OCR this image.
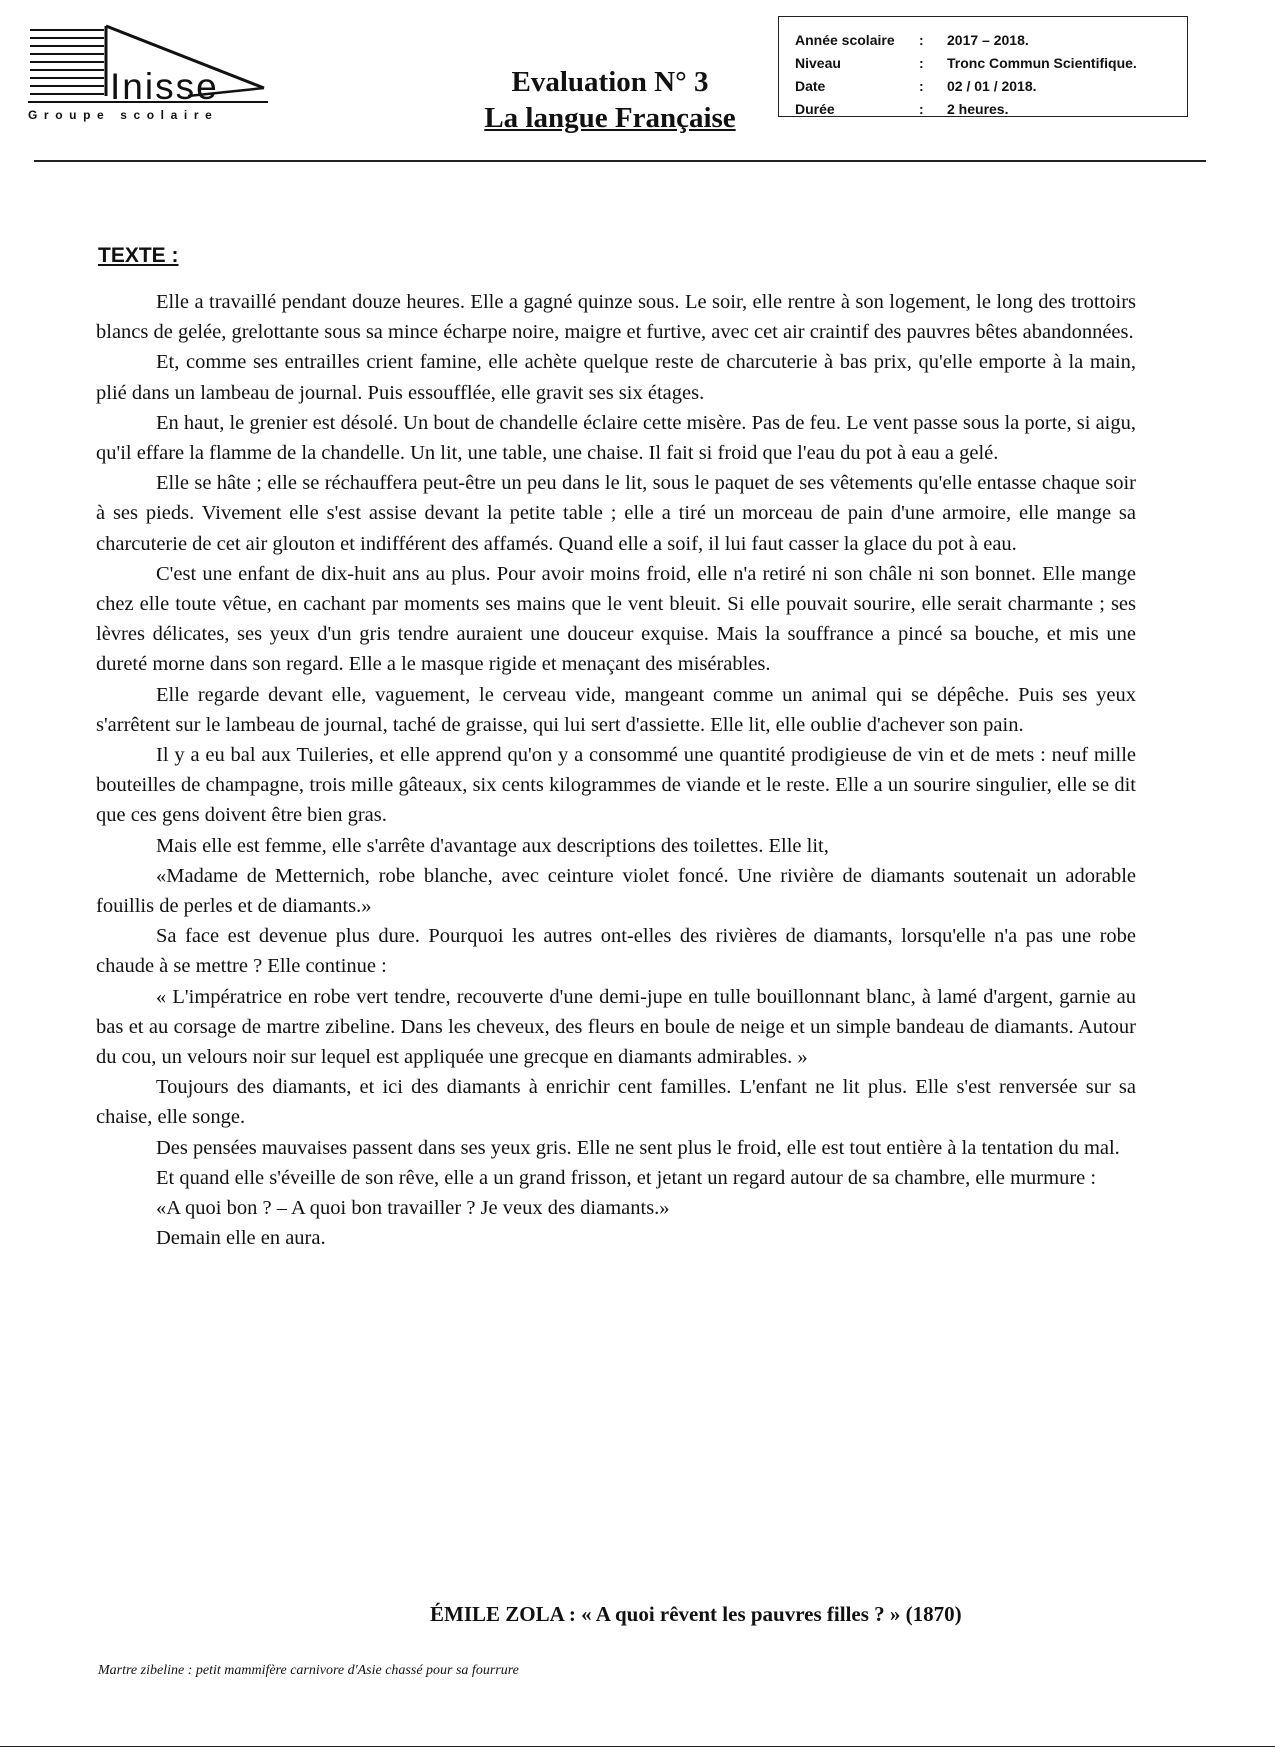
Inisse
Groupe scolaire
Evaluation N° 3
La langue Française
Année scolaire	:	2017 – 2018.
Niveau	:	Tronc Commun Scientifique.
Date	:	02 / 01 / 2018.
Durée	:	2 heures.
TEXTE :

Elle a travaillé pendant douze heures. Elle a gagné quinze sous. Le soir, elle rentre à son logement, le long des trottoirs blancs de gelée, grelottante sous sa mince écharpe noire, maigre et furtive, avec cet air craintif des pauvres bêtes abandonnées.

Et, comme ses entrailles crient famine, elle achète quelque reste de charcuterie à bas prix, qu'elle emporte à la main, plié dans un lambeau de journal. Puis essoufflée, elle gravit ses six étages.

En haut, le grenier est désolé. Un bout de chandelle éclaire cette misère. Pas de feu. Le vent passe sous la porte, si aigu, qu'il effare la flamme de la chandelle. Un lit, une table, une chaise. Il fait si froid que l'eau du pot à eau a gelé.

Elle se hâte ; elle se réchauffera peut-être un peu dans le lit, sous le paquet de ses vêtements qu'elle entasse chaque soir à ses pieds. Vivement elle s'est assise devant la petite table ; elle a tiré un morceau de pain d'une armoire, elle mange sa charcuterie de cet air glouton et indifférent des affamés. Quand elle a soif, il lui faut casser la glace du pot à eau.

C'est une enfant de dix-huit ans au plus. Pour avoir moins froid, elle n'a retiré ni son châle ni son bonnet. Elle mange chez elle toute vêtue, en cachant par moments ses mains que le vent bleuit. Si elle pouvait sourire, elle serait charmante ; ses lèvres délicates, ses yeux d'un gris tendre auraient une douceur exquise. Mais la souffrance a pincé sa bouche, et mis une dureté morne dans son regard. Elle a le masque rigide et menaçant des misérables.

Elle regarde devant elle, vaguement, le cerveau vide, mangeant comme un animal qui se dépêche. Puis ses yeux s'arrêtent sur le lambeau de journal, taché de graisse, qui lui sert d'assiette. Elle lit, elle oublie d'achever son pain.

Il y a eu bal aux Tuileries, et elle apprend qu'on y a consommé une quantité prodigieuse de vin et de mets : neuf mille bouteilles de champagne, trois mille gâteaux, six cents kilogrammes de viande et le reste. Elle a un sourire singulier, elle se dit que ces gens doivent être bien gras.

Mais elle est femme, elle s'arrête d'avantage aux descriptions des toilettes. Elle lit,

«Madame de Metternich, robe blanche, avec ceinture violet foncé. Une rivière de diamants soutenait un adorable fouillis de perles et de diamants.»

Sa face est devenue plus dure. Pourquoi les autres ont-elles des rivières de diamants, lorsqu'elle n'a pas une robe chaude à se mettre ? Elle continue :

« L'impératrice en robe vert tendre, recouverte d'une demi-jupe en tulle bouillonnant blanc, à lamé d'argent, garnie au bas et au corsage de martre zibeline. Dans les cheveux, des fleurs en boule de neige et un simple bandeau de diamants. Autour du cou, un velours noir sur lequel est appliquée une grecque en diamants admirables. »

Toujours des diamants, et ici des diamants à enrichir cent familles. L'enfant ne lit plus. Elle s'est renversée sur sa chaise, elle songe.

Des pensées mauvaises passent dans ses yeux gris. Elle ne sent plus le froid, elle est tout entière à la tentation du mal.

Et quand elle s'éveille de son rêve, elle a un grand frisson, et jetant un regard autour de sa chambre, elle murmure :

«A quoi bon ? – A quoi bon travailler ? Je veux des diamants.»

Demain elle en aura.

ÉMILE ZOLA : « A quoi rêvent les pauvres filles ? » (1870)
Martre zibeline : petit mammifère carnivore d'Asie chassé pour sa fourrure
